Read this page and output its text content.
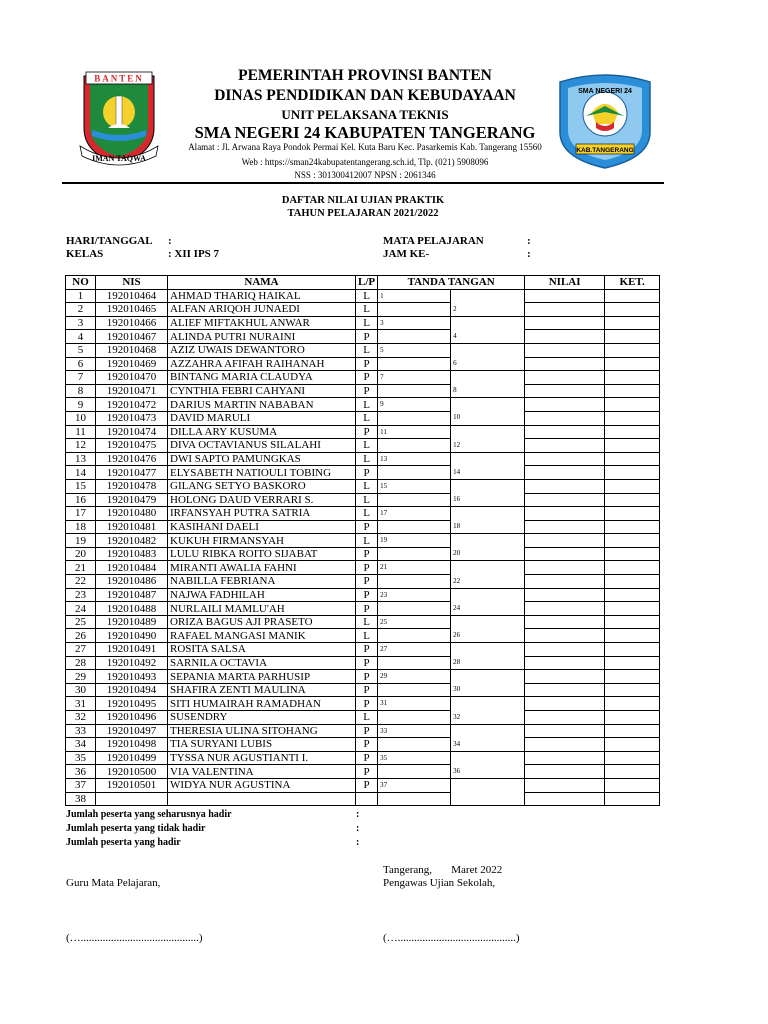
BANTEN
IMAN TAQWA
SMA NEGERI 24
KAB.TANGERANG
PEMERINTAH PROVINSI BANTEN
DINAS PENDIDIKAN DAN KEBUDAYAAN
UNIT PELAKSANA TEKNIS
SMA NEGERI 24 KABUPATEN TANGERANG
Alamat : Jl. Arwana Raya Pondok Permai Kel. Kuta Baru Kec. Pasarkemis Kab. Tangerang 15560
Web : https://sman24kabupatentangerang.sch.id, Tlp. (021) 5908096
NSS : 301300412007 NPSN : 2061346
DAFTAR NILAI UJIAN PRAKTIK
TAHUN PELAJARAN 2021/2022
HARI/TANGGAL :
KELAS	: XII IPS 7
MATA PELAJARAN	:
JAM KE-	:
NO	NIS	NAMA	L/P	TANDA TANGAN		NILAI	KET.
1	192010464	AHMAD THARIQ HAIKAL	L	1			
2	192010465	ALFAN ARIQOH JUNAEDI	L		2		
3	192010466	ALIEF MIFTAKHUL ANWAR	L	3			
4	192010467	ALINDA PUTRI NURAINI	P		4		
5	192010468	AZIZ UWAIS DEWANTORO	L	5			
6	192010469	AZZAHRA AFIFAH RAIHANAH	P		6		
7	192010470	BINTANG MARIA CLAUDYA	P	7			
8	192010471	CYNTHIA FEBRI CAHYANI	P		8		
9	192010472	DARIUS MARTIN NABABAN	L	9			
10	192010473	DAVID MARULI	L		10		
11	192010474	DILLA ARY KUSUMA	P	11			
12	192010475	DIVA OCTAVIANUS SILALAHI	L		12		
13	192010476	DWI SAPTO PAMUNGKAS	L	13			
14	192010477	ELYSABETH NATIOULI TOBING	P		14		
15	192010478	GILANG SETYO BASKORO	L	15			
16	192010479	HOLONG DAUD VERRARI S.	L		16		
17	192010480	IRFANSYAH PUTRA SATRIA	L	17			
18	192010481	KASIHANI DAELI	P		18		
19	192010482	KUKUH FIRMANSYAH	L	19			
20	192010483	LULU RIBKA ROITO SIJABAT	P		20		
21	192010484	MIRANTI AWALIA FAHNI	P	21			
22	192010486	NABILLA FEBRIANA	P		22		
23	192010487	NAJWA FADHILAH	P	23			
24	192010488	NURLAILI MAMLU'AH	P		24		
25	192010489	ORIZA BAGUS AJI PRASETO	L	25			
26	192010490	RAFAEL MANGASI MANIK	L		26		
27	192010491	ROSITA SALSA	P	27			
28	192010492	SARNILA OCTAVIA	P		28		
29	192010493	SEPANIA MARTA PARHUSIP	P	29			
30	192010494	SHAFIRA ZENTI MAULINA	P		30		
31	192010495	SITI HUMAIRAH RAMADHAN	P	31			
32	192010496	SUSENDRY	L		32		
33	192010497	THERESIA ULINA SITOHANG	P	33			
34	192010498	TIA SURYANI LUBIS	P		34		
35	192010499	TYSSA NUR AGUSTIANTI I.	P	35			
36	192010500	VIA VALENTINA	P		36		
37	192010501	WIDYA NUR AGUSTINA	P	37			
38							
Jumlah peserta yang seharusnya hadir	:
Jumlah peserta yang tidak hadir	:
Jumlah peserta yang hadir	:
Tangerang,       Maret 2022
Guru Mata Pelajaran,	Pengawas Ujian Sekolah,
(…...........................................)	(…...........................................)
